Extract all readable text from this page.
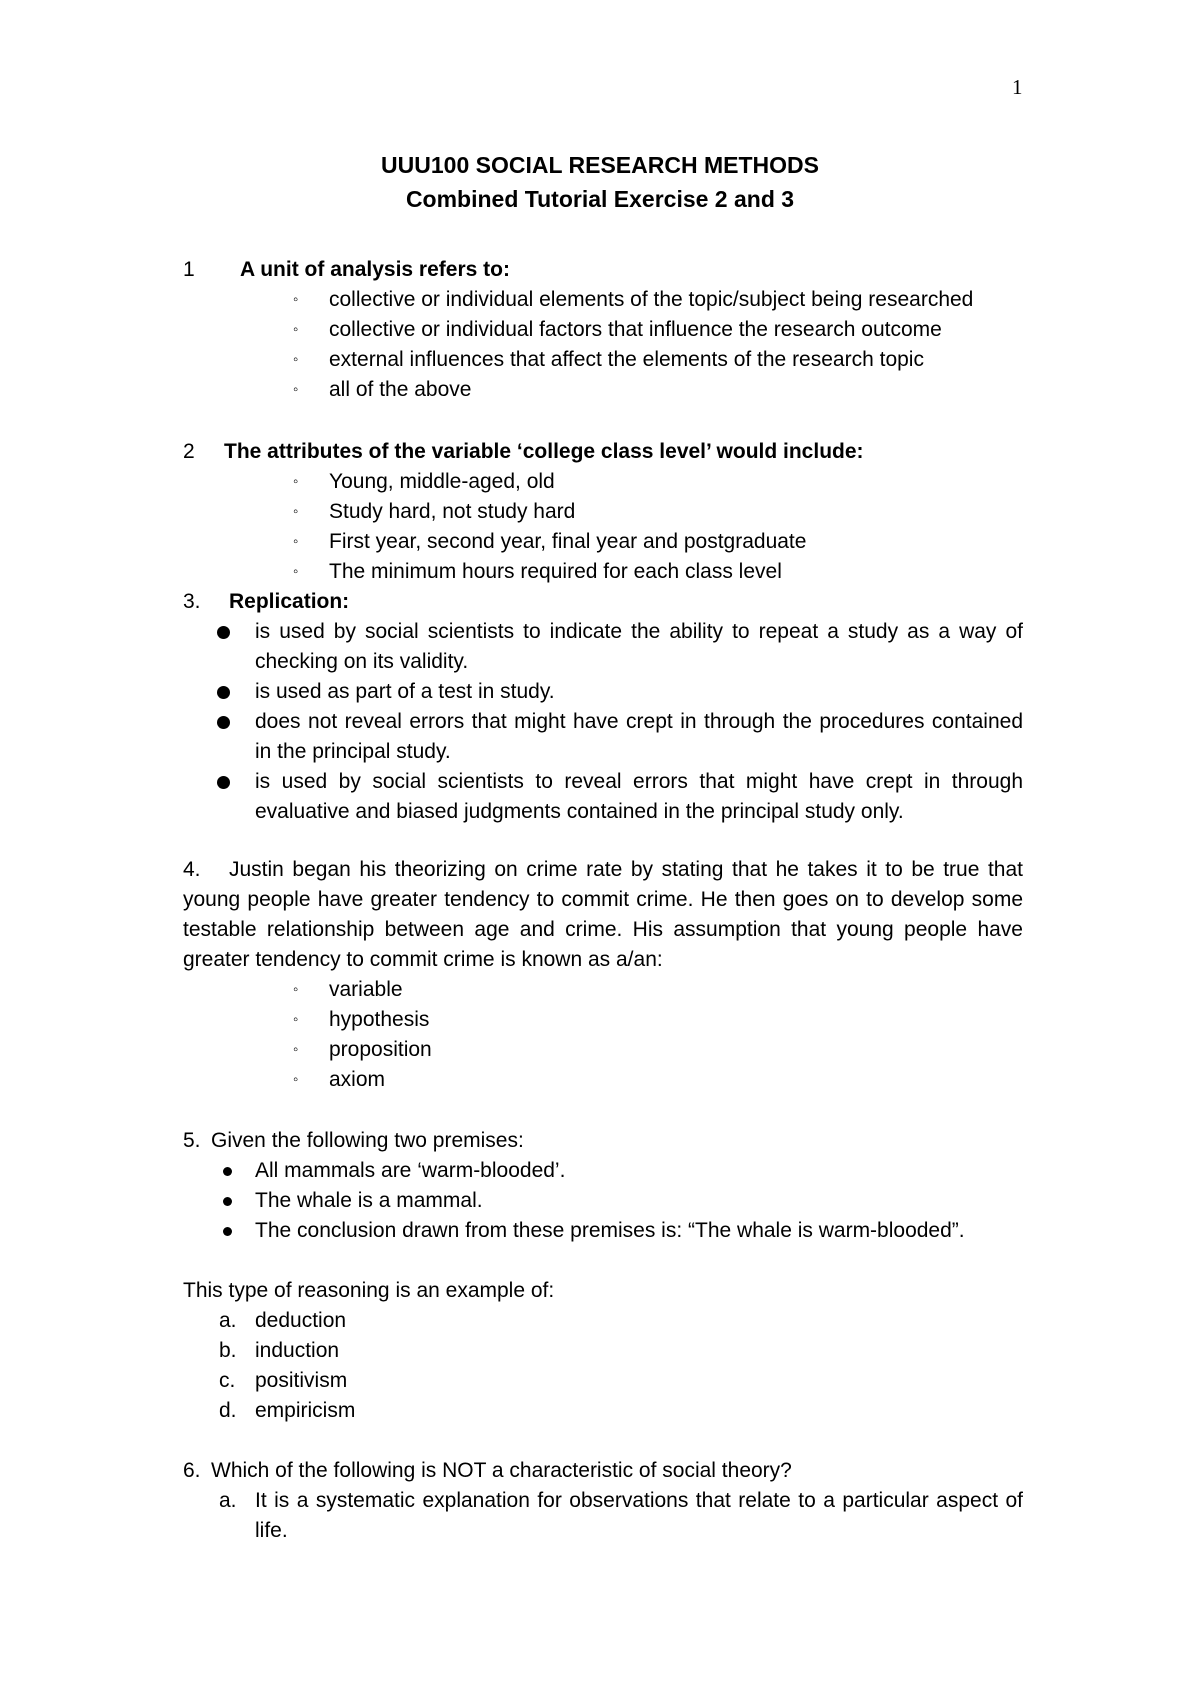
1
UUU100 SOCIAL RESEARCH METHODS
Combined Tutorial Exercise 2 and 3
1 A unit of analysis refers to:
◦ collective or individual elements of the topic/subject being researched
◦ collective or individual factors that influence the research outcome
◦ external influences that affect the elements of the research topic
◦ all of the above
2 The attributes of the variable ‘college class level’ would include:
◦ Young, middle-aged, old
◦ Study hard, not study hard
◦ First year, second year, final year and postgraduate
◦ The minimum hours required for each class level
3. Replication:
is used by social scientists to indicate the ability to repeat a study as a way of checking on its validity.
is used as part of a test in study.
does not reveal errors that might have crept in through the procedures contained in the principal study.
is used by social scientists to reveal errors that might have crept in through evaluative and biased judgments contained in the principal study only.
4. Justin began his theorizing on crime rate by stating that he takes it to be true that young people have greater tendency to commit crime. He then goes on to develop some testable relationship between age and crime. His assumption that young people have greater tendency to commit crime is known as a/an:
◦ variable
◦ hypothesis
◦ proposition
◦ axiom
5. Given the following two premises:
All mammals are ‘warm-blooded’.
The whale is a mammal.
The conclusion drawn from these premises is: “The whale is warm-blooded”.
This type of reasoning is an example of:
a. deduction
b. induction
c. positivism
d. empiricism
6. Which of the following is NOT a characteristic of social theory?
a. It is a systematic explanation for observations that relate to a particular aspect of life.
